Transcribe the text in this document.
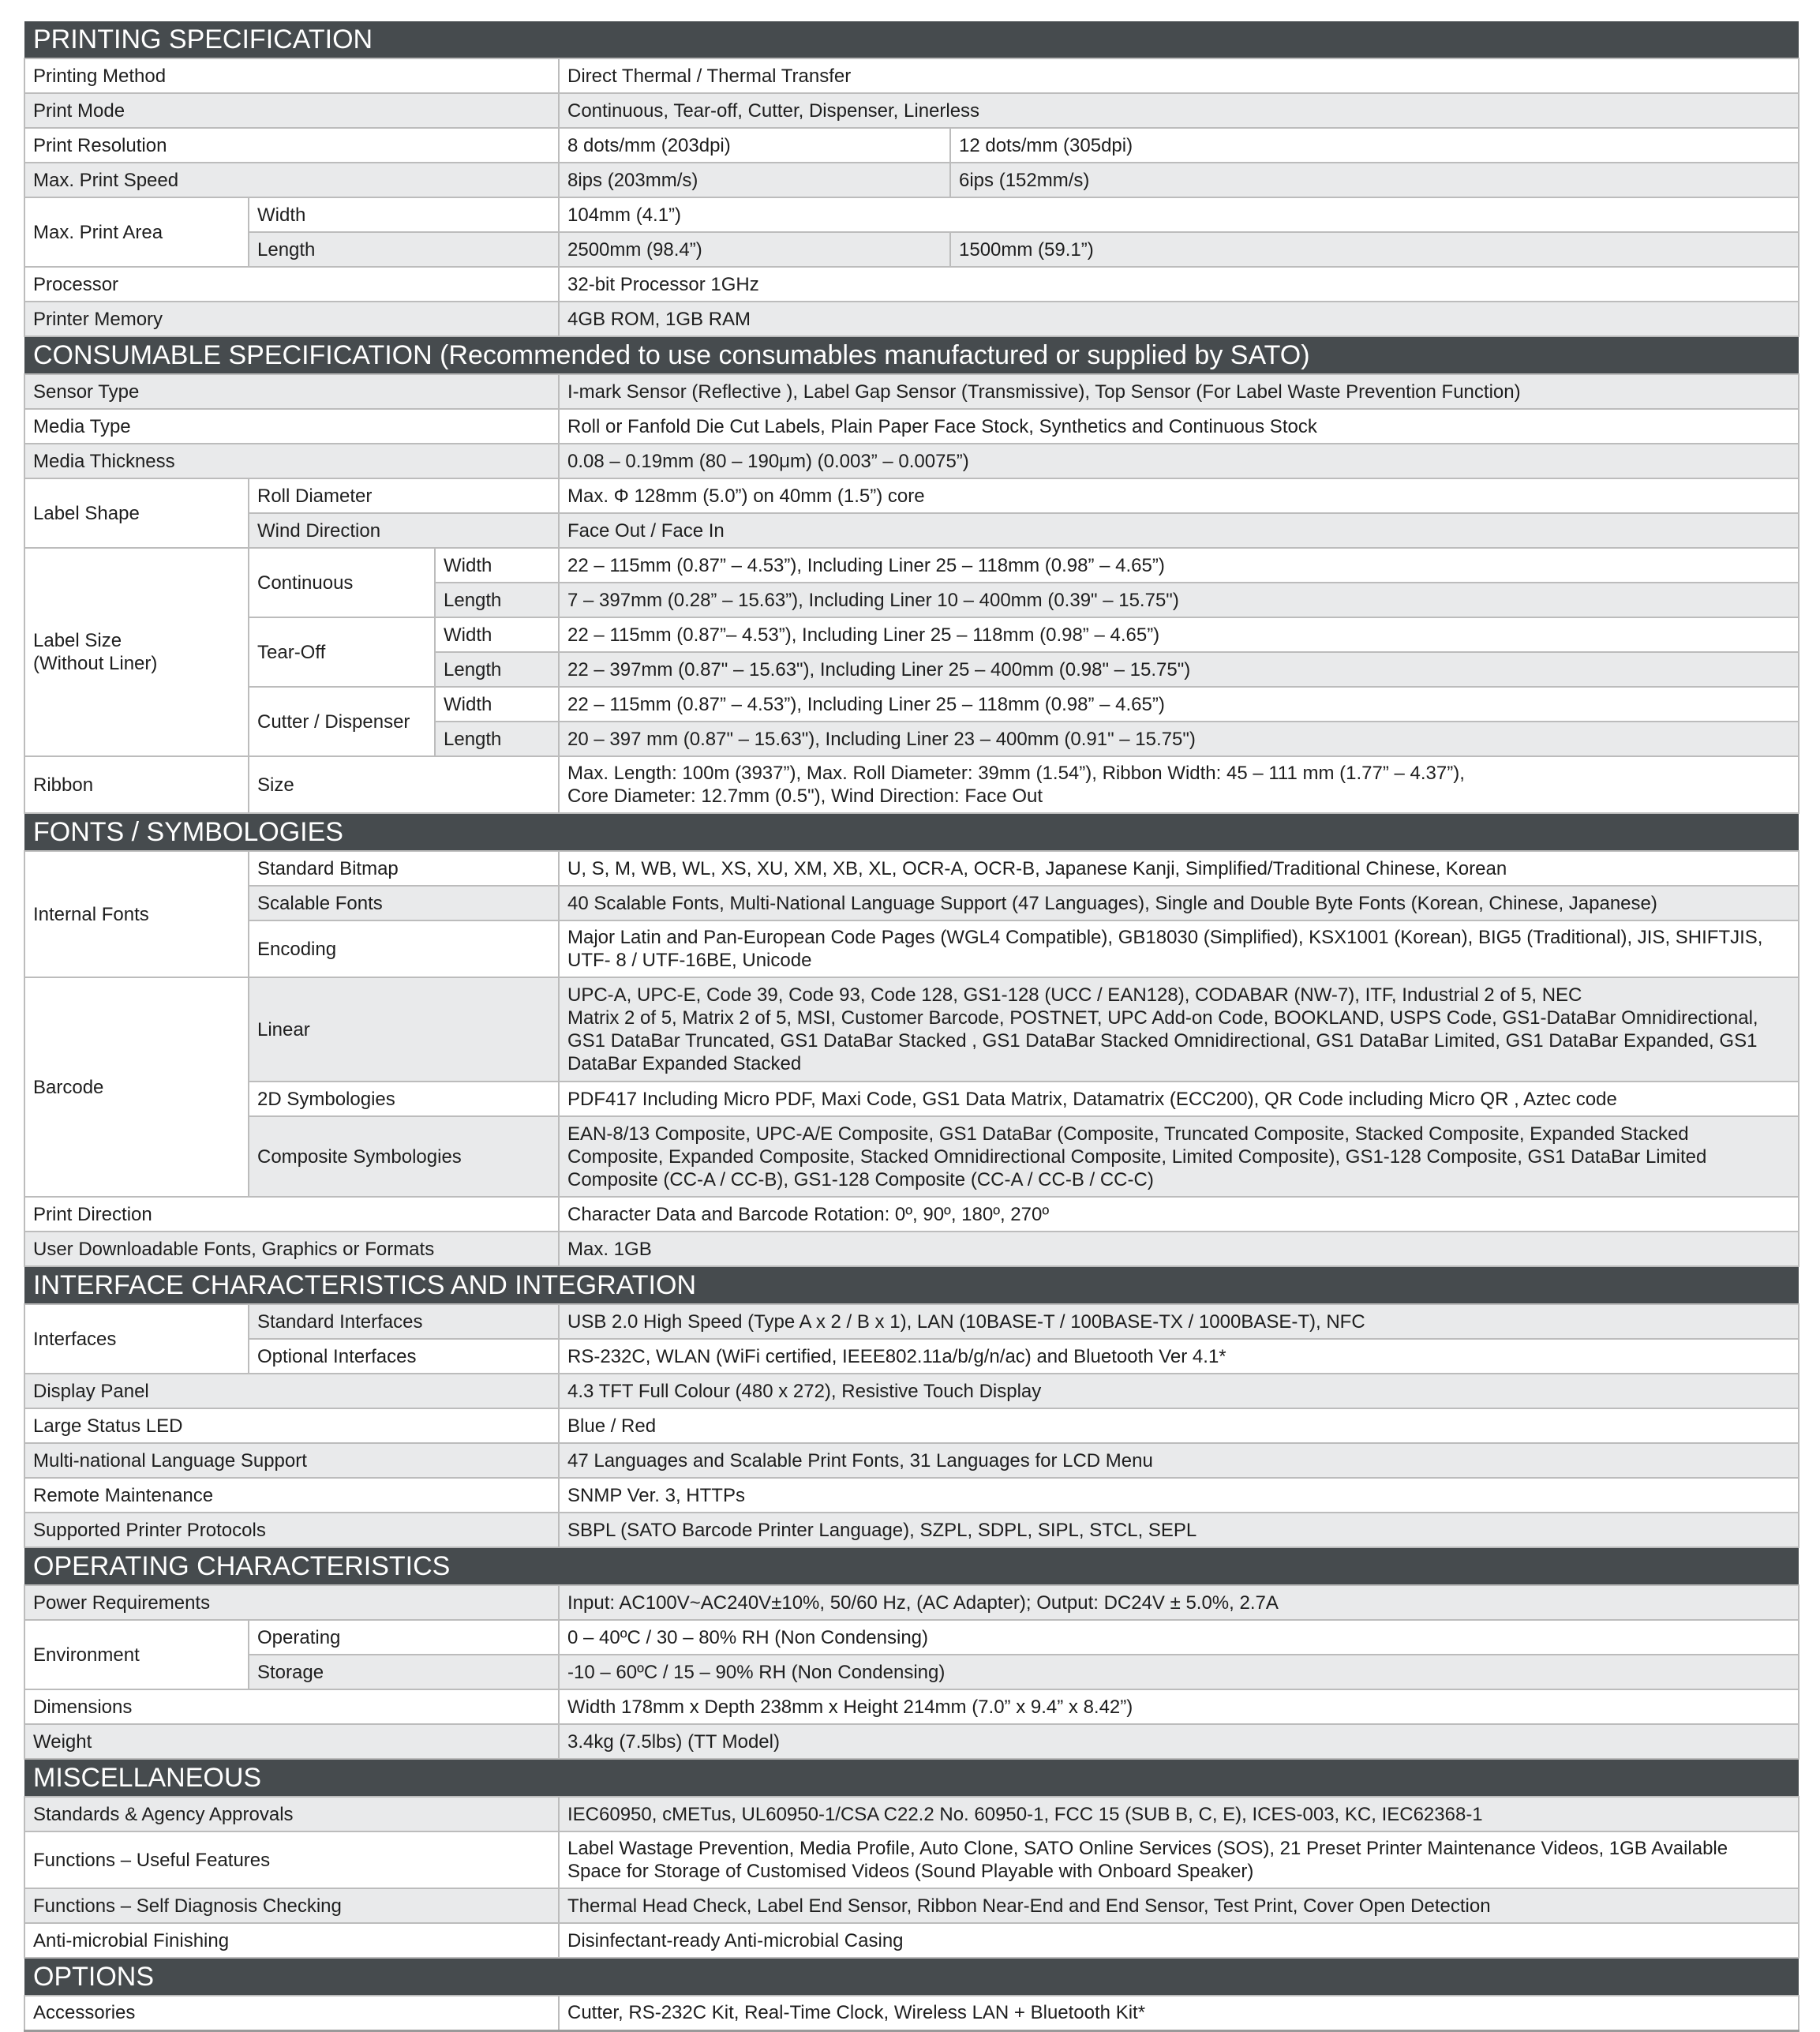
PRINTING SPECIFICATION				
Printing Method			Direct Thermal / Thermal Transfer	
Print Mode			Continuous, Tear-off, Cutter, Dispenser, Linerless	
Print Resolution			8 dots/mm (203dpi)	12 dots/mm (305dpi)
Max. Print Speed			8ips (203mm/s)	6ips (152mm/s)
Max. Print Area	Width		104mm (4.1”)	
	Length		2500mm (98.4”)	1500mm (59.1”)
Processor			32-bit Processor 1GHz	
Printer Memory			4GB ROM, 1GB RAM	
CONSUMABLE SPECIFICATION (Recommended to use consumables manufactured or supplied by SATO)				
Sensor Type			I-mark Sensor (Reflective ), Label Gap Sensor (Transmissive), Top Sensor (For Label Waste Prevention Function)	
Media Type			Roll or Fanfold Die Cut Labels, Plain Paper Face Stock, Synthetics and Continuous Stock	
Media Thickness			0.08 – 0.19mm (80 – 190μm) (0.003” – 0.0075”)	
Label Shape	Roll Diameter		Max. Φ 128mm (5.0”) on 40mm (1.5”) core	
	Wind Direction		Face Out / Face In	

Label Size
(Without Liner)	Continuous	Width	22 – 115mm (0.87” – 4.53”), Including Liner 25 – 118mm (0.98” – 4.65”)	
		Length	7 – 397mm (0.28” – 15.63”), Including Liner 10 – 400mm (0.39" – 15.75")	
	Tear-Off	Width	22 – 115mm (0.87”– 4.53”), Including Liner 25 – 118mm (0.98” – 4.65”)	
		Length	22 – 397mm (0.87" – 15.63"), Including Liner 25 – 400mm (0.98" – 15.75")	
	Cutter / Dispenser	Width	22 – 115mm (0.87” – 4.53”), Including Liner 25 – 118mm (0.98” – 4.65”)	
		Length	20 – 397 mm (0.87" – 15.63"), Including Liner 23 – 400mm (0.91" – 15.75")	
Ribbon	Size		Max. Length: 100m (3937”), Max. Roll Diameter: 39mm (1.54”), Ribbon Width: 45 – 111 mm (1.77” – 4.37”),
Core Diameter: 12.7mm (0.5"), Wind Direction: Face Out	

FONTS / SYMBOLOGIES				
Internal Fonts	Standard Bitmap		U, S, M, WB, WL, XS, XU, XM, XB, XL, OCR-A, OCR-B, Japanese Kanji, Simplified/Traditional Chinese, Korean	
	Scalable Fonts		40 Scalable Fonts, Multi-National Language Support (47 Languages), Single and Double Byte Fonts (Korean, Chinese, Japanese)	
	Encoding		Major Latin and Pan-European Code Pages (WGL4 Compatible), GB18030 (Simplified), KSX1001 (Korean), BIG5 (Traditional), JIS, SHIFTJIS,
UTF- 8 / UTF-16BE, Unicode	

Barcode	Linear		UPC-A, UPC-E, Code 39, Code 93, Code 128, GS1-128 (UCC / EAN128), CODABAR (NW-7), ITF, Industrial 2 of 5, NEC
Matrix 2 of 5, Matrix 2 of 5, MSI, Customer Barcode, POSTNET, UPC Add-on Code, BOOKLAND, USPS Code, GS1-DataBar Omnidirectional,
GS1 DataBar Truncated, GS1 DataBar Stacked , GS1 DataBar Stacked Omnidirectional, GS1 DataBar Limited, GS1 DataBar Expanded, GS1
DataBar Expanded Stacked	

	2D Symbologies		PDF417 Including Micro PDF, Maxi Code, GS1 Data Matrix, Datamatrix (ECC200), QR Code including Micro QR , Aztec code	
	Composite Symbologies		EAN-8/13 Composite, UPC-A/E Composite, GS1 DataBar (Composite, Truncated Composite, Stacked Composite, Expanded Stacked
Composite, Expanded Composite, Stacked Omnidirectional Composite, Limited Composite), GS1-128 Composite, GS1 DataBar Limited
Composite (CC-A / CC-B), GS1-128 Composite (CC-A / CC-B / CC-C)	

Print Direction			Character Data and Barcode Rotation: 0º, 90º, 180º, 270º	
User Downloadable Fonts, Graphics or Formats			Max. 1GB	
INTERFACE CHARACTERISTICS AND INTEGRATION				
Interfaces	Standard Interfaces		USB 2.0 High Speed (Type A x 2 / B x 1), LAN (10BASE-T / 100BASE-TX / 1000BASE-T), NFC	
	Optional Interfaces		RS-232C, WLAN (WiFi certified, IEEE802.11a/b/g/n/ac) and Bluetooth Ver 4.1*	
Display Panel			4.3 TFT Full Colour (480 x 272), Resistive Touch Display	
Large Status LED			Blue / Red	
Multi-national Language Support			47 Languages and Scalable Print Fonts, 31 Languages for LCD Menu	
Remote Maintenance			SNMP Ver. 3, HTTPs	
Supported Printer Protocols			SBPL (SATO Barcode Printer Language), SZPL, SDPL, SIPL, STCL, SEPL	
OPERATING CHARACTERISTICS				
Power Requirements			Input: AC100V~AC240V±10%, 50/60 Hz, (AC Adapter); Output: DC24V ± 5.0%, 2.7A	
Environment	Operating		0 – 40ºC / 30 – 80% RH (Non Condensing)	
	Storage		-10 – 60ºC / 15 – 90% RH (Non Condensing)	
Dimensions			Width 178mm x Depth 238mm x Height 214mm (7.0” x 9.4” x 8.42”)	
Weight			3.4kg (7.5lbs) (TT Model)	
MISCELLANEOUS				
Standards & Agency Approvals			IEC60950, cMETus, UL60950-1/CSA C22.2 No. 60950-1, FCC 15 (SUB B, C, E), ICES-003, KC, IEC62368-1	
Functions – Useful Features			Label Wastage Prevention, Media Profile, Auto Clone, SATO Online Services (SOS), 21 Preset Printer Maintenance Videos, 1GB Available
Space for Storage of Customised Videos (Sound Playable with Onboard Speaker)	

Functions – Self Diagnosis Checking			Thermal Head Check, Label End Sensor, Ribbon Near-End and End Sensor, Test Print, Cover Open Detection	
Anti-microbial Finishing			Disinfectant-ready Anti-microbial Casing	
OPTIONS				
Accessories			Cutter, RS-232C Kit, Real-Time Clock, Wireless LAN + Bluetooth Kit*	
